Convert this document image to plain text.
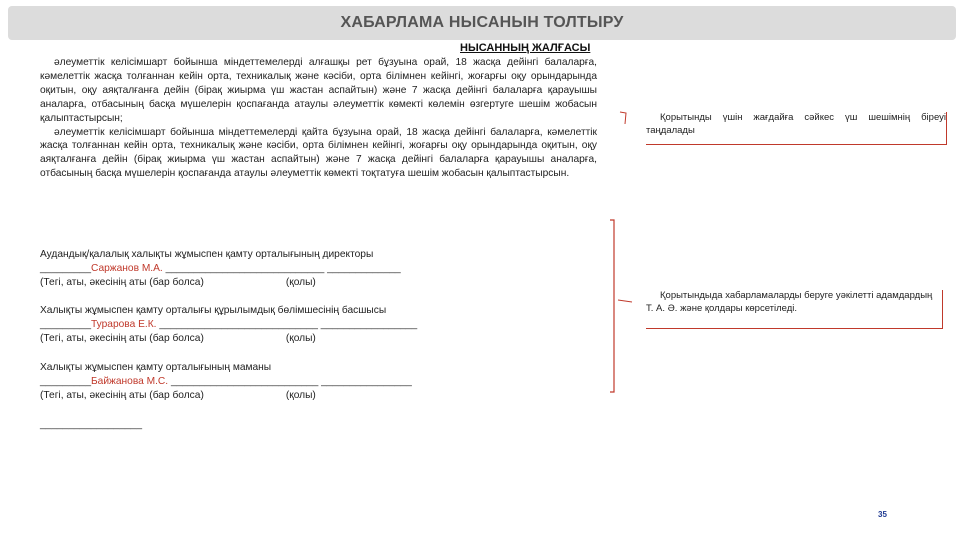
ХАБАРЛАМА НЫСАНЫН ТОЛТЫРУ
НЫСАННЫҢ ЖАЛҒАСЫ

әлеуметтік келісімшарт бойынша міндеттемелерді алғашқы рет бұзуына орай, 18 жасқа дейінгі балаларға, кәмелеттік жасқа толғаннан кейін орта, техникалық және кәсіби, орта білімнен кейінгі, жоғарғы оқу орындарында оқитын, оқу аяқталғанға дейін (бірақ жиырма үш жастан аспайтын) және 7 жасқа дейінгі балаларға қарауышы аналарға, отбасының басқа мүшелерін қоспағанда атаулы әлеуметтік көмекті көлемін өзгертуге шешім жобасын қалыптастырсын;

әлеуметтік келісімшарт бойынша міндеттемелерді қайта бұзуына орай, 18 жасқа дейінгі балаларға, кәмелеттік жасқа толғаннан кейін орта, техникалық және кәсіби, орта білімнен кейінгі, жоғарғы оқу орындарында оқитын, оқу аяқталғанға дейін (бірақ жиырма үш жастан аспайтын) және 7 жасқа дейінгі балаларға қарауышы аналарға, отбасының басқа мүшелерін қоспағанда атаулы әлеуметтік көмекті тоқтатуға шешім жобасын қалыптастырсын.

Аудандық/қалалық халықты жұмыспен қамту орталығының директоры
_________Саржанов М.А. ____________________________ _____________
(Тегі, аты, әкесінің аты (бар болса)	(қолы)
Халықты жұмыспен қамту орталығы құрылымдық бөлімшесінің басшысы
_________Турарова Е.К. ____________________________ _________________
(Тегі, аты, әкесінің аты (бар болса)	(қолы)
Халықты жұмыспен қамту орталығының маманы
_________Байжанова М.С. __________________________ ________________
(Тегі, аты, әкесінің аты (бар болса)	(қолы)
__________________
Қорытынды үшін жағдайға сәйкес үш шешімнің біреуі таңдалады
Қорытындыда хабарламаларды беруге уәкілетті адамдардың
Т. А. Ә. және қолдары көрсетіледі.
35
